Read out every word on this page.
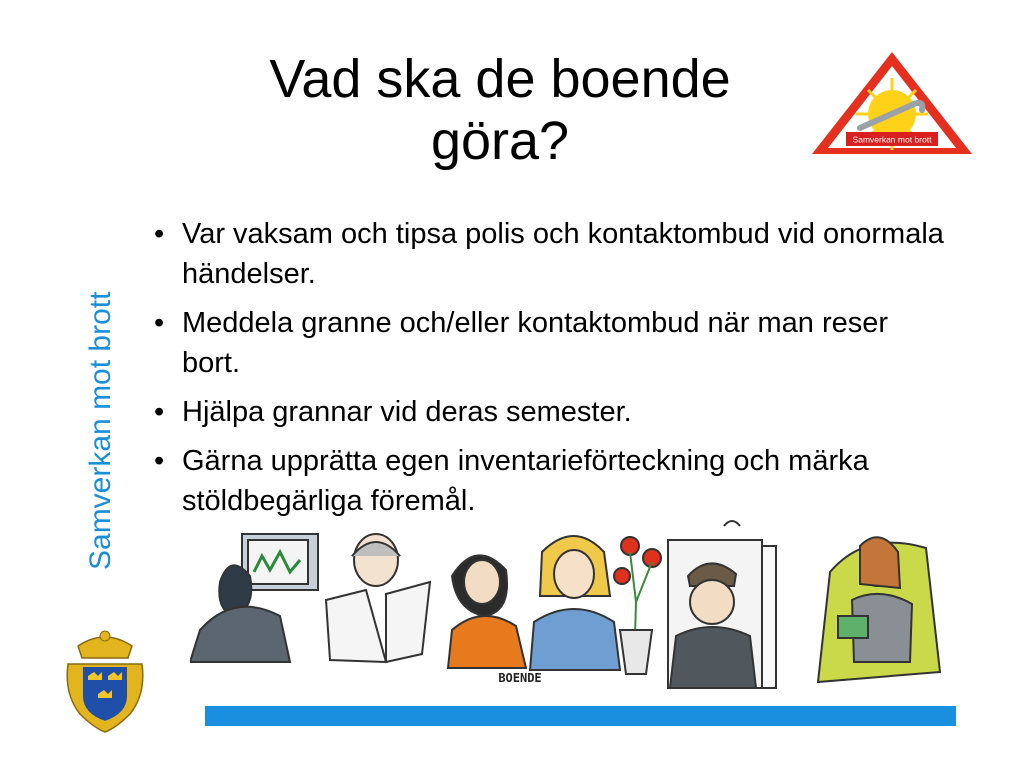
Vad ska de boende
göra?
Samverkan mot brott
• Var vaksam och tipsa polis och kontaktombud vid onormala händelser.
• Meddela granne och/eller kontaktombud när man reser bort.
• Hjälpa grannar vid deras semester.
• Gärna upprätta egen inventarieförteckning och märka stöldbegärliga föremål.
Samverkan mot brott
BOENDE
